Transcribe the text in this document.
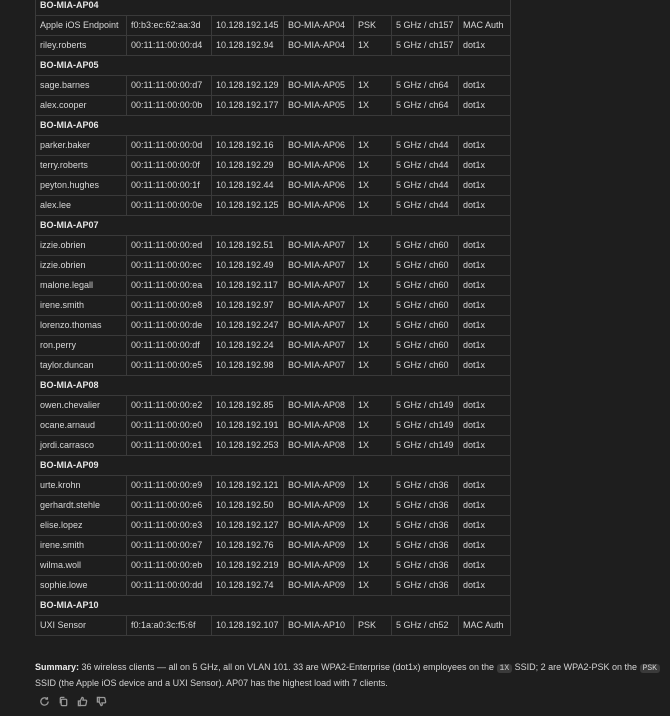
BO-MIA-AP04						
Apple iOS Endpoint	f0:b3:ec:62:aa:3d	10.128.192.145	BO-MIA-AP04	PSK	5 GHz / ch157	MAC Auth
riley.roberts	00:11:11:00:00:d4	10.128.192.94	BO-MIA-AP04	1X	5 GHz / ch157	dot1x
BO-MIA-AP05						
sage.barnes	00:11:11:00:00:d7	10.128.192.129	BO-MIA-AP05	1X	5 GHz / ch64	dot1x
alex.cooper	00:11:11:00:00:0b	10.128.192.177	BO-MIA-AP05	1X	5 GHz / ch64	dot1x
BO-MIA-AP06						
parker.baker	00:11:11:00:00:0d	10.128.192.16	BO-MIA-AP06	1X	5 GHz / ch44	dot1x
terry.roberts	00:11:11:00:00:0f	10.128.192.29	BO-MIA-AP06	1X	5 GHz / ch44	dot1x
peyton.hughes	00:11:11:00:00:1f	10.128.192.44	BO-MIA-AP06	1X	5 GHz / ch44	dot1x
alex.lee	00:11:11:00:00:0e	10.128.192.125	BO-MIA-AP06	1X	5 GHz / ch44	dot1x
BO-MIA-AP07						
izzie.obrien	00:11:11:00:00:ed	10.128.192.51	BO-MIA-AP07	1X	5 GHz / ch60	dot1x
izzie.obrien	00:11:11:00:00:ec	10.128.192.49	BO-MIA-AP07	1X	5 GHz / ch60	dot1x
malone.legall	00:11:11:00:00:ea	10.128.192.117	BO-MIA-AP07	1X	5 GHz / ch60	dot1x
irene.smith	00:11:11:00:00:e8	10.128.192.97	BO-MIA-AP07	1X	5 GHz / ch60	dot1x
lorenzo.thomas	00:11:11:00:00:de	10.128.192.247	BO-MIA-AP07	1X	5 GHz / ch60	dot1x
ron.perry	00:11:11:00:00:df	10.128.192.24	BO-MIA-AP07	1X	5 GHz / ch60	dot1x
taylor.duncan	00:11:11:00:00:e5	10.128.192.98	BO-MIA-AP07	1X	5 GHz / ch60	dot1x
BO-MIA-AP08						
owen.chevalier	00:11:11:00:00:e2	10.128.192.85	BO-MIA-AP08	1X	5 GHz / ch149	dot1x
ocane.arnaud	00:11:11:00:00:e0	10.128.192.191	BO-MIA-AP08	1X	5 GHz / ch149	dot1x
jordi.carrasco	00:11:11:00:00:e1	10.128.192.253	BO-MIA-AP08	1X	5 GHz / ch149	dot1x
BO-MIA-AP09						
urte.krohn	00:11:11:00:00:e9	10.128.192.121	BO-MIA-AP09	1X	5 GHz / ch36	dot1x
gerhardt.stehle	00:11:11:00:00:e6	10.128.192.50	BO-MIA-AP09	1X	5 GHz / ch36	dot1x
elise.lopez	00:11:11:00:00:e3	10.128.192.127	BO-MIA-AP09	1X	5 GHz / ch36	dot1x
irene.smith	00:11:11:00:00:e7	10.128.192.76	BO-MIA-AP09	1X	5 GHz / ch36	dot1x
wilma.woll	00:11:11:00:00:eb	10.128.192.219	BO-MIA-AP09	1X	5 GHz / ch36	dot1x
sophie.lowe	00:11:11:00:00:dd	10.128.192.74	BO-MIA-AP09	1X	5 GHz / ch36	dot1x
BO-MIA-AP10						
UXI Sensor	f0:1a:a0:3c:f5:6f	10.128.192.107	BO-MIA-AP10	PSK	5 GHz / ch52	MAC Auth
Summary: 36 wireless clients — all on 5 GHz, all on VLAN 101. 33 are WPA2-Enterprise (dot1x) employees on the 1X SSID; 2 are WPA2-PSK on the PSK SSID (the Apple iOS device and a UXI Sensor). AP07 has the highest load with 7 clients.
